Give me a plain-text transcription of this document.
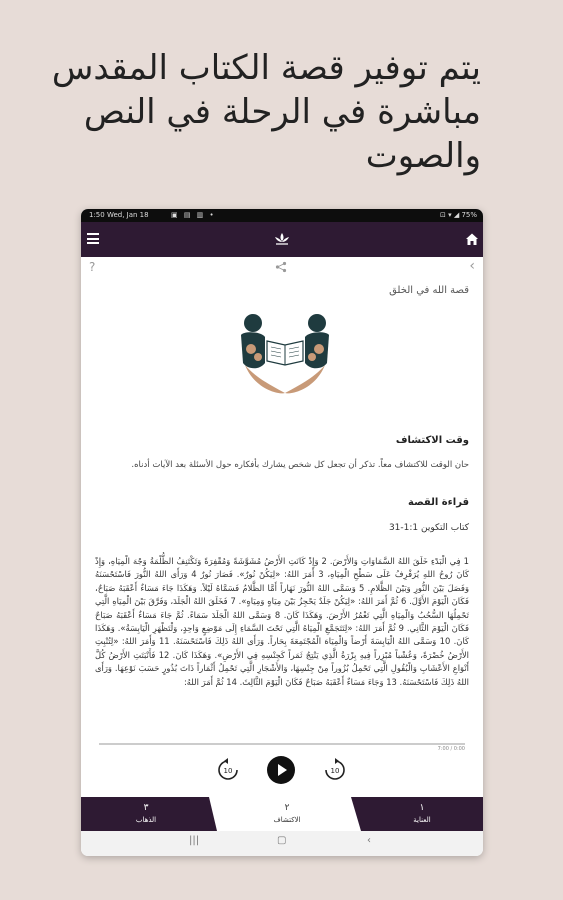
يتم توفير قصة الكتاب المقدس
مباشرة في الرحلة في النص
والصوت
1:50 Wed, Jan 18	▣ ▤ ▥ •	⊡ ▾ ◢ 75%
?	‹
قصة الله في الخلق
وقت الاكتشاف
حان الوقت للاكتشاف معاً. تذكر أن تجعل كل شخص يشارك بأفكاره حول الأسئلة بعد الآيات أدناه.
قراءة القصة
كتاب التكوين 1:1-31
1 فِي الْبَدْءِ خَلَقَ اللهُ السَّمَاوَاتِ وَالأَرْضَ. 2 وَإِذْ كَانَتِ الأَرْضُ مُشَوَّشَةً وَمُقْفِرَةً وَتَكْتَنِفُ الظُّلْمَةُ وَجْهَ الْمِيَاهِ، وَإِذْ كَانَ رُوحُ اللهِ يُرَفْرِفُ عَلَى سَطْحِ الْمِيَاهِ، 3 أَمَرَ اللهُ: «لِيَكُنْ نُورٌ». فَصَارَ نُورٌ 4 وَرَأَى اللهُ النُّورَ فَاسْتَحْسَنَهُ وَفَصَلَ بَيْنَ النُّورِ وَبَيْنَ الظَّلامِ. 5 وَسَمَّى اللهُ النُّورَ نَهَاراً أَمَّا الظَّلامُ فَسَمَّاهُ لَيْلاً. وَهَكَذَا جَاءَ مَسَاءٌ أَعْقَبَهُ صَبَاحٌ، فَكَانَ الْيَوْمَ الأَوَّلَ. 6 ثُمَّ أَمَرَ اللهُ: «لِيَكُنْ جَلَدٌ يَحْجِزُ بَيْنَ مِيَاهٍ وَمِيَاهٍ». 7 فَخَلَقَ اللهُ الْجَلَدَ، وَفَرَّقَ بَيْنَ الْمِيَاهِ الَّتِي تَحْمِلُهَا السُّحُبُ وَالْمِيَاهِ الَّتِي تَغْمُرُ الأَرْضَ. وَهَكَذَا كَانَ. 8 وَسَمَّى اللهُ الْجَلَدَ سَمَاءً. ثُمَّ جَاءَ مَسَاءٌ أَعْقَبَهُ صَبَاحٌ فَكَانَ الْيَوْمَ الثَّانِي. 9 ثُمَّ أَمَرَ اللهُ: «لِتَتَجَمَّعِ الْمِيَاهُ الَّتِي تَحْتَ السَّمَاءِ إِلَى مَوْضِعٍ وَاحِدٍ، وَلْتَظْهَرِ الْيَابِسَةُ». وَهَكَذَا كَانَ. 10 وَسَمَّى اللهُ الْيَابِسَةَ أَرْضاً وَالْمِيَاهَ الْمُجْتَمِعَةَ بِحَاراً. وَرَأَى اللهُ ذَلِكَ فَاسْتَحْسَنَهُ. 11 وَأَمَرَ اللهُ: «لِتُنْبِتِ الأَرْضُ خُضْرَةً، وَعُشْباً مُبْزِراً فِيهِ بِزْرَةُ الَّذِي يَنْتِجُ ثَمَراً كَجِنْسِهِ فِي الأَرْضِ». وَهَكَذَا كَانَ. 12 فَأَنْبَتَتِ الأَرْضُ كُلَّ أَنْوَاعِ الأَعْشَابِ وَالْبُقُولِ الَّتِي تَحْمِلُ بُزُوراً مِنْ جِنْسِهَا، وَالأَشْجَارِ الَّتِي تَحْمِلُ أَثْمَاراً ذَاتَ بُذُورٍ حَسَبَ نَوْعِهَا. وَرَأَى اللهُ ذَلِكَ فَاسْتَحْسَنَهُ. 13 وَجَاءَ مَسَاءٌ أَعْقَبَهُ صَبَاحٌ فَكَانَ الْيَوْمَ الثَّالِثَ. 14 ثُمَّ أَمَرَ اللهُ:
7:00 / 0:00
10	10
٣
الذهاب
٢
الاكتشاف
١
العناية
|||	▢	‹
